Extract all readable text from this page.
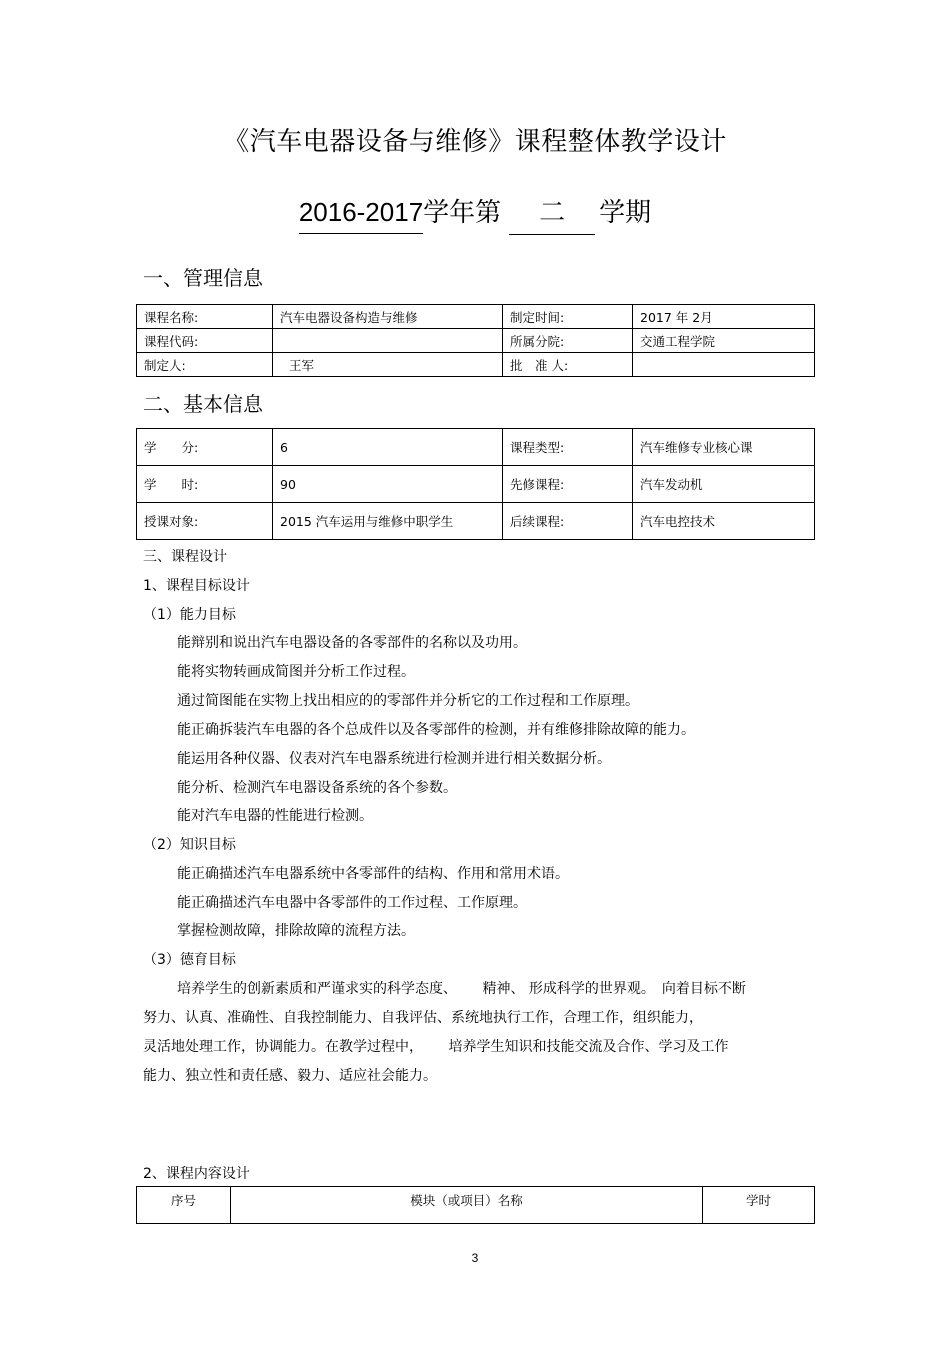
《汽车电器设备与维修》课程整体教学设计
2016-2017学年第 二 学期
一、管理信息
课程名称:	汽车电器设备构造与维修	制定时间:	2017 年 2月
课程代码:		所属分院:	交通工程学院
制定人:	王军	批　准 人:	
二、基本信息
学　　分:	6	课程类型:	汽车维修专业核心课
学　　时:	90	先修课程:	汽车发动机
授课对象:	2015 汽车运用与维修中职学生	后续课程:	汽车电控技术
三、课程设计
1、课程目标设计
（1）能力目标
能辩别和说出汽车电器设备的各零部件的名称以及功用。
能将实物转画成简图并分析工作过程。
通过简图能在实物上找出相应的的零部件并分析它的工作过程和工作原理。
能正确拆装汽车电器的各个总成件以及各零部件的检测，并有维修排除故障的能力。
能运用各种仪器、仪表对汽车电器系统进行检测并进行相关数据分析。
能分析、检测汽车电器设备系统的各个参数。
能对汽车电器的性能进行检测。
（2）知识目标
能正确描述汽车电器系统中各零部件的结构、作用和常用术语。
能正确描述汽车电器中各零部件的工作过程、工作原理。
掌握检测故障，排除故障的流程方法。
（3）德育目标
培养学生的创新素质和严谨求实的科学态度、　　 精神、 形成科学的世界观。　向着目标不断
努力、认真、准确性、自我控制能力、自我评估、系统地执行工作，合理工作，组织能力，
灵活地处理工作，协调能力。在教学过程中，　　 培养学生知识和技能交流及合作、学习及工作
能力、独立性和责任感、毅力、适应社会能力。
2、课程内容设计
序号	模块（或项目）名称	学时
3
